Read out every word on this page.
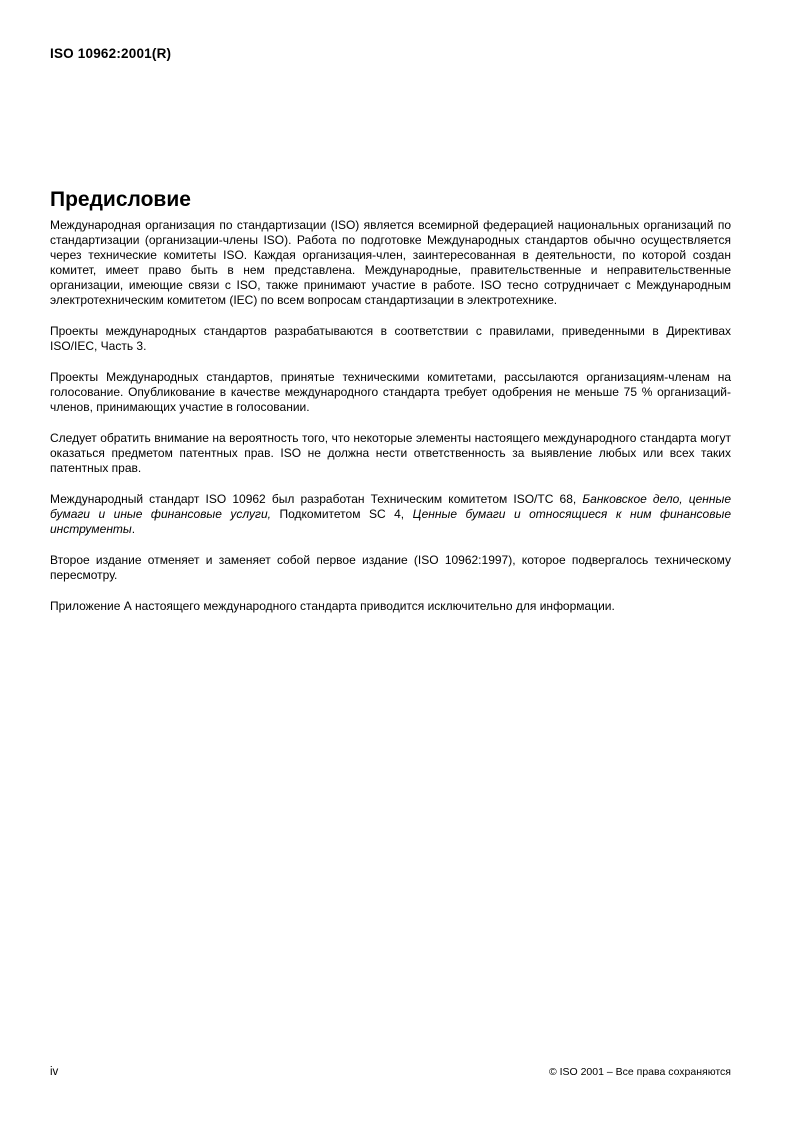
ISO 10962:2001(R)
Предисловие

Международная организация по стандартизации (ISO) является всемирной федерацией национальных организаций по стандартизации (организации-члены ISO). Работа по подготовке Международных стандартов обычно осуществляется через технические комитеты ISO. Каждая организация-член, заинтересованная в деятельности, по которой создан комитет, имеет право быть в нем представлена. Международные, правительственные и неправительственные организации, имеющие связи с ISO, также принимают участие в работе. ISO тесно сотрудничает с Международным электротехническим комитетом (IEC) по всем вопросам стандартизации в электротехнике.

Проекты международных стандартов разрабатываются в соответствии с правилами, приведенными в Директивах ISO/IEC, Часть 3.

Проекты Международных стандартов, принятые техническими комитетами, рассылаются организациям-членам на голосование. Опубликование в качестве международного стандарта требует одобрения не меньше 75 % организаций-членов, принимающих участие в голосовании.

Следует обратить внимание на вероятность того, что некоторые элементы настоящего международного стандарта могут оказаться предметом патентных прав. ISO не должна нести ответственность за выявление любых или всех таких патентных прав.

Международный стандарт ISO 10962 был разработан Техническим комитетом ISO/TC 68, Банковское дело, ценные бумаги и иные финансовые услуги, Подкомитетом SC 4, Ценные бумаги и относящиеся к ним финансовые инструменты.

Второе издание отменяет и заменяет собой первое издание (ISO 10962:1997), которое подвергалось техническому пересмотру.

Приложение А настоящего международного стандарта приводится исключительно для информации.

iv	© ISO 2001 – Все права сохраняются
